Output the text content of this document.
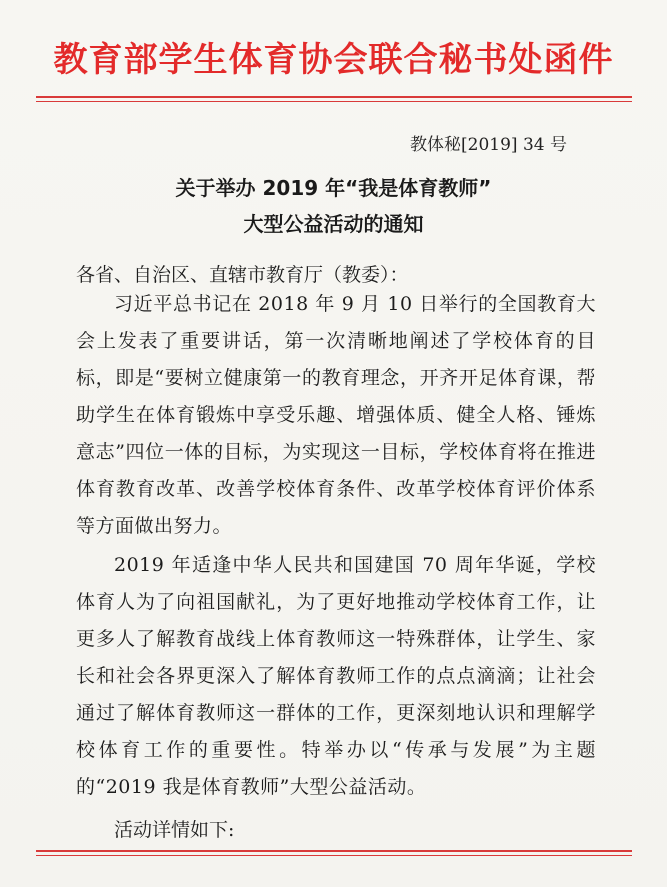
教育部学生体育协会联合秘书处函件
教体秘[2019] 34 号
关于举办 2019 年“我是体育教师”
大型公益活动的通知
各省、自治区、直辖市教育厅（教委）：

习近平总书记在 2018 年 9 月 10 日举行的全国教育大会上发表了重要讲话，第一次清晰地阐述了学校体育的目标，即是“要树立健康第一的教育理念，开齐开足体育课，帮助学生在体育锻炼中享受乐趣、增强体质、健全人格、锤炼意志”四位一体的目标，为实现这一目标，学校体育将在推进体育教育改革、改善学校体育条件、改革学校体育评价体系等方面做出努力。

2019 年适逢中华人民共和国建国 70 周年华诞，学校体育人为了向祖国献礼，为了更好地推动学校体育工作，让更多人了解教育战线上体育教师这一特殊群体，让学生、家长和社会各界更深入了解体育教师工作的点点滴滴；让社会通过了解体育教师这一群体的工作，更深刻地认识和理解学校体育工作的重要性。特举办以“传承与发展”为主题的“2019 我是体育教师”大型公益活动。

活动详情如下:
